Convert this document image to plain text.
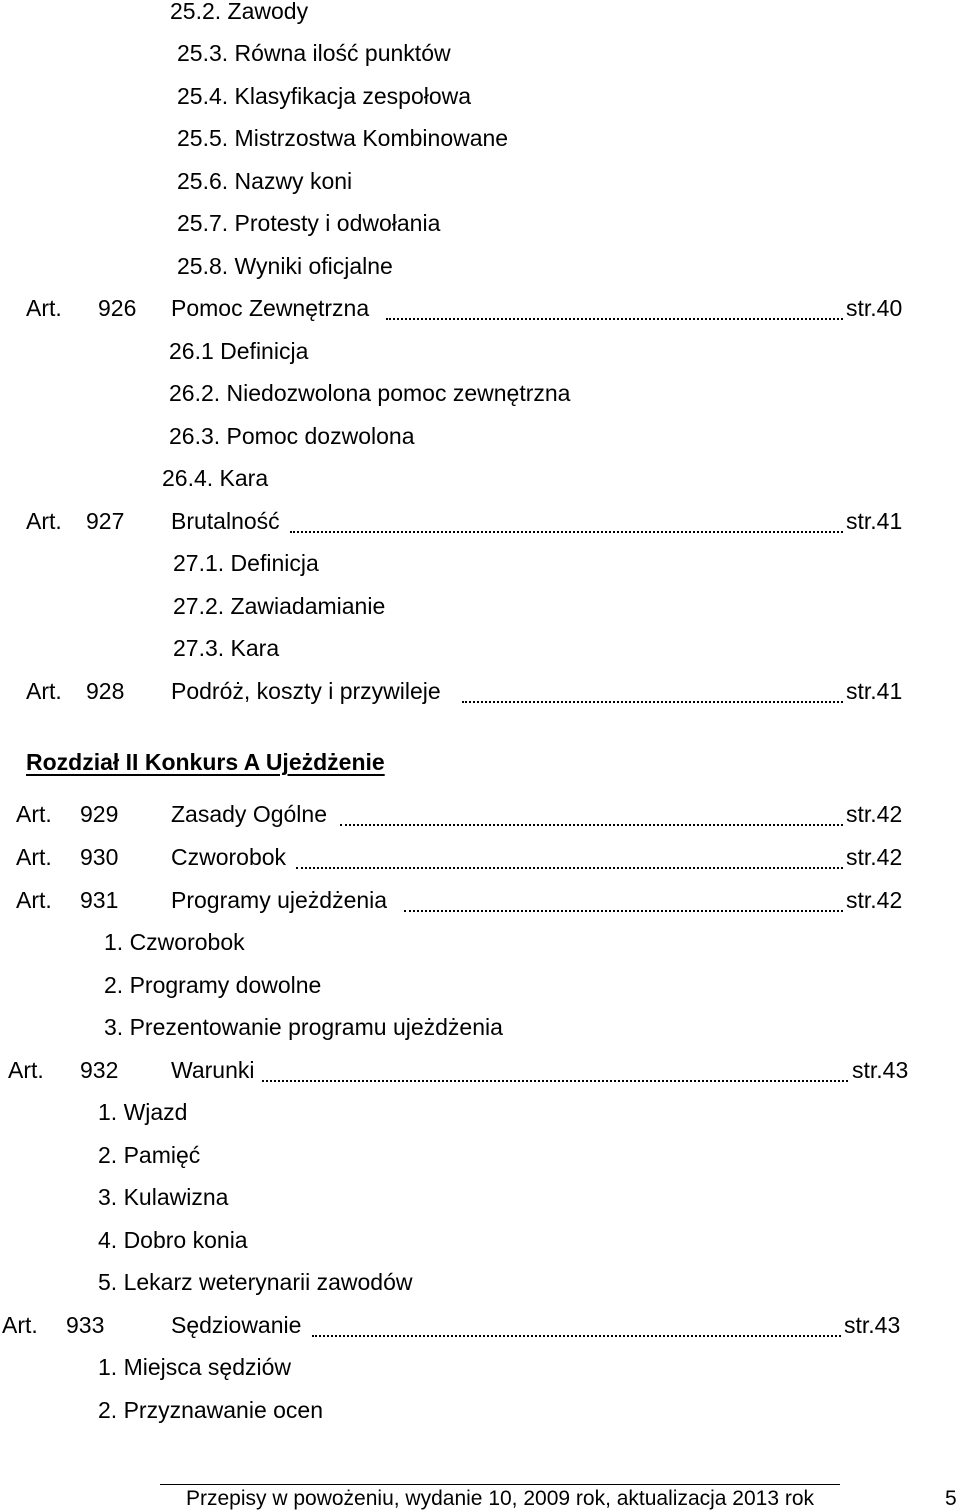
25.2. Zawody
25.3. Równa ilość punktów
25.4. Klasyfikacja zespołowa
25.5. Mistrzostwa Kombinowane
25.6. Nazwy koni
25.7. Protesty i odwołania
25.8. Wyniki oficjalne
Art. 926 Pomoc Zewnętrzna	str.40
26.1 Definicja
26.2. Niedozwolona pomoc zewnętrzna
26.3. Pomoc dozwolona
26.4. Kara
Art. 927 Brutalność	str.41
27.1. Definicja
27.2. Zawiadamianie
27.3. Kara
Art. 928 Podróż, koszty i przywileje	str.41
Rozdział II Konkurs A Ujeżdżenie
Art. 929 Zasady Ogólne	str.42
Art. 930 Czworobok	str.42
Art. 931 Programy ujeżdżenia	str.42
1. Czworobok
2. Programy dowolne
3. Prezentowanie programu ujeżdżenia
Art. 932 Warunki	str.43
1. Wjazd
2. Pamięć
3. Kulawizna
4. Dobro konia
5. Lekarz weterynarii zawodów
Art. 933	Sędziowanie	str.43
1. Miejsca sędziów
2. Przyznawanie ocen
Przepisy w powożeniu, wydanie 10, 2009 rok, aktualizacja 2013 rok	5
